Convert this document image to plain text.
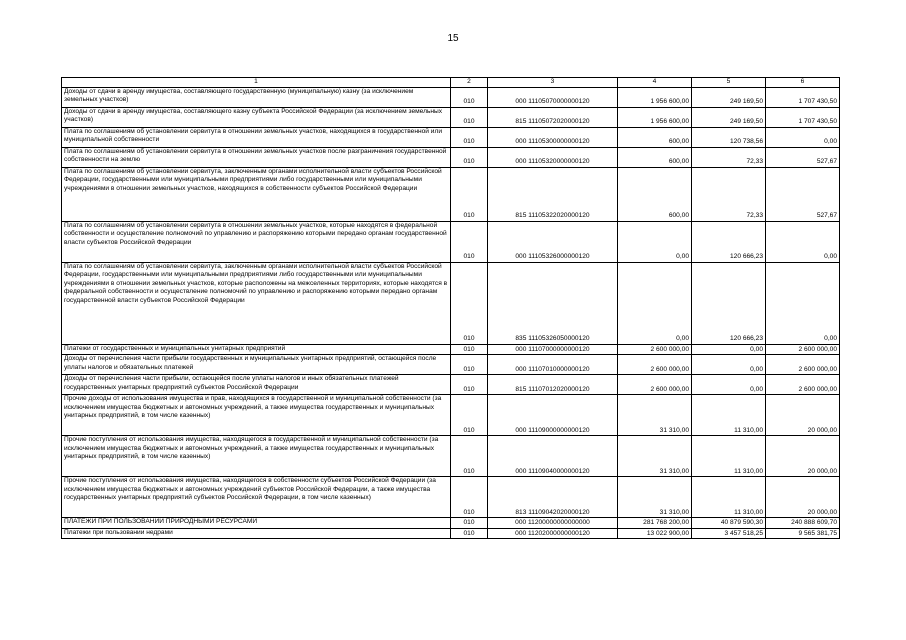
15
1	2	3	4	5	6
Доходы от сдачи в аренду имущества, составляющего государственную (муниципальную) казну (за исключением земельных участков)	010	000 11105070000000120	1 956 600,00	249 169,50	1 707 430,50
Доходы от сдачи в аренду имущества, составляющего казну субъекта Российской Федерации (за исключением земельных участков)	010	815 11105072020000120	1 956 600,00	249 169,50	1 707 430,50
Плата по соглашениям об установлении сервитута в отношении земельных участков, находящихся в государственной или муниципальной собственности	010	000 11105300000000120	600,00	120 738,56	0,00
Плата по соглашениям об установлении сервитута в отношении земельных участков после разграничения государственной собственности на землю	010	000 11105320000000120	600,00	72,33	527,67
Плата по соглашениям об установлении сервитута, заключенным органами исполнительной власти субъектов Российской Федерации, государственными или муниципальными предприятиями либо государственными или муниципальными учреждениями в отношении земельных участков, находящихся в собственности субъектов Российской Федерации	010	815 11105322020000120	600,00	72,33	527,67
Плата по соглашениям об установлении сервитута в отношении земельных участков, которые находятся в федеральной собственности и осуществление полномочий по управлению и распоряжению которыми передано органам государственной власти субъектов Российской Федерации	010	000 11105326000000120	0,00	120 666,23	0,00
Плата по соглашениям об установлении сервитута, заключенным органами исполнительной власти субъектов Российской Федерации, государственными или муниципальными предприятиями либо государственными или муниципальными учреждениями в отношении земельных участков, которые расположены на межселенных территориях, которые находятся в федеральной собственности и осуществление полномочий по управлению и распоряжению которыми передано органам государственной власти субъектов Российской Федерации	010	835 11105326050000120	0,00	120 666,23	0,00
Платежи от государственных и муниципальных унитарных предприятий	010	000 11107000000000120	2 600 000,00	0,00	2 600 000,00
Доходы от перечисления части прибыли государственных и муниципальных унитарных предприятий, остающейся после уплаты налогов и обязательных платежей	010	000 11107010000000120	2 600 000,00	0,00	2 600 000,00
Доходы от перечисления части прибыли, остающейся после уплаты налогов и иных обязательных платежей государственных унитарных предприятий субъектов Российской Федерации	010	815 11107012020000120	2 600 000,00	0,00	2 600 000,00
Прочие доходы от использования имущества и прав, находящихся в государственной и муниципальной собственности (за исключением имущества бюджетных и автономных учреждений, а также имущества государственных и муниципальных унитарных предприятий, в том числе казенных)	010	000 11109000000000120	31 310,00	11 310,00	20 000,00
Прочие поступления от использования имущества, находящегося в государственной и муниципальной собственности (за исключением имущества бюджетных и автономных учреждений, а также имущества государственных и муниципальных унитарных предприятий, в том числе казенных)	010	000 11109040000000120	31 310,00	11 310,00	20 000,00
Прочие поступления от использования имущества, находящегося в собственности субъектов Российской Федерации (за исключением имущества бюджетных и автономных учреждений субъектов Российской Федерации, а также имущества государственных унитарных предприятий субъектов Российской Федерации, в том числе казенных)	010	813 11109042020000120	31 310,00	11 310,00	20 000,00
ПЛАТЕЖИ ПРИ ПОЛЬЗОВАНИИ ПРИРОДНЫМИ РЕСУРСАМИ	010	000 11200000000000000	281 768 200,00	40 879 590,30	240 888 609,70
Платежи при пользовании недрами	010	000 11202000000000120	13 022 900,00	3 457 518,25	9 565 381,75
